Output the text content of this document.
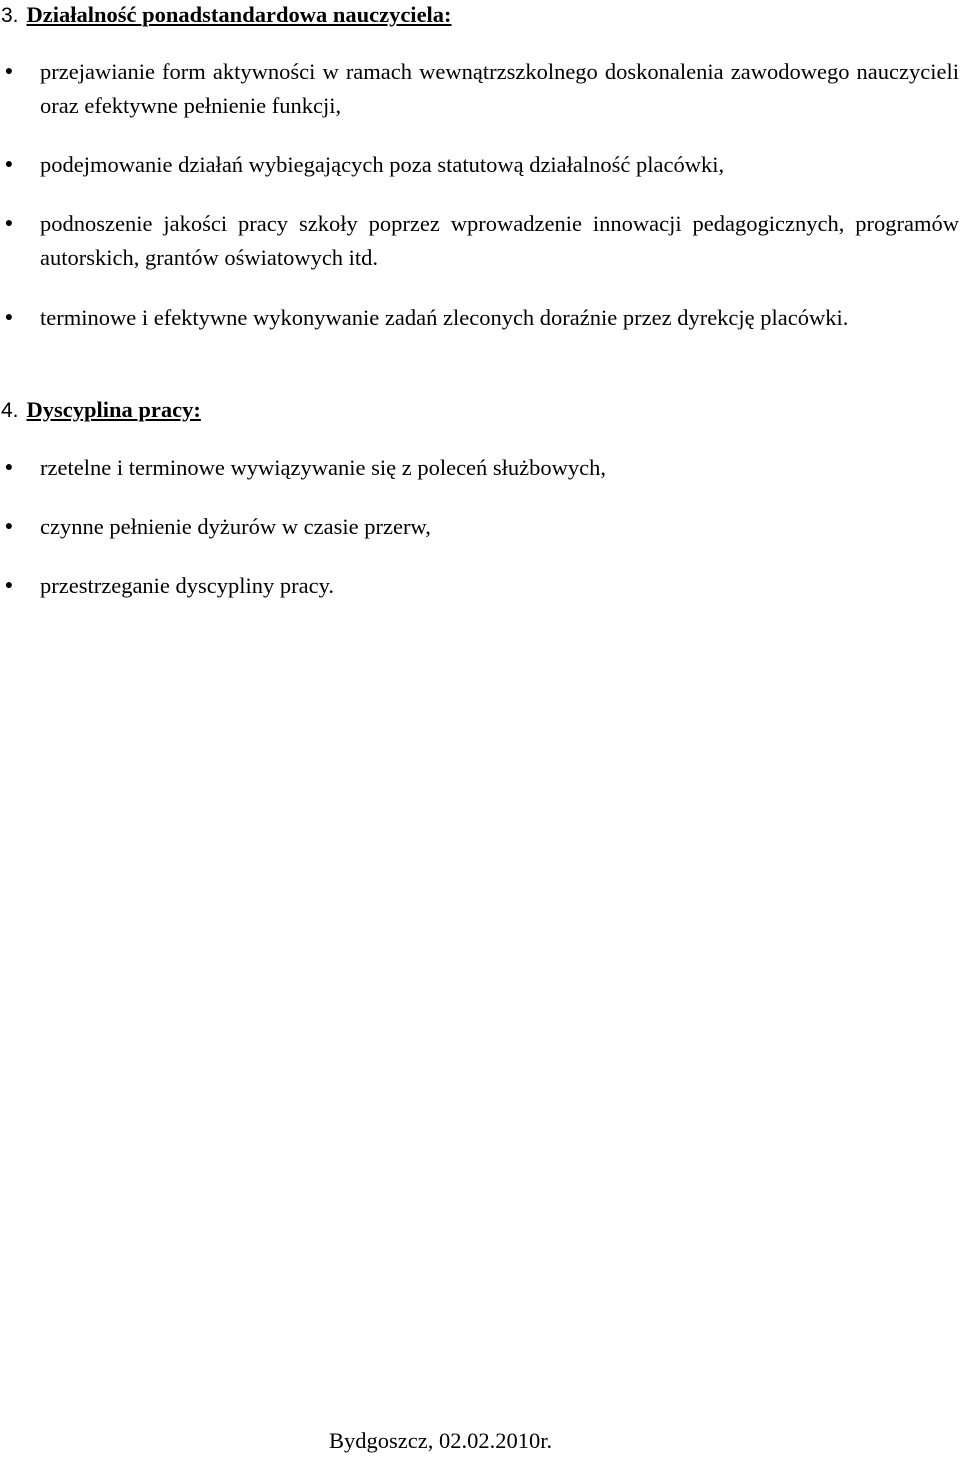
3. Działalność ponadstandardowa nauczyciela:
● przejawianie form aktywności w ramach wewnątrzszkolnego doskonalenia zawodowego nauczycieli oraz efektywne pełnienie funkcji,
● podejmowanie działań wybiegających poza statutową działalność placówki,
● podnoszenie jakości pracy szkoły poprzez wprowadzenie innowacji pedagogicznych, programów autorskich, grantów oświatowych itd.
● terminowe i efektywne wykonywanie zadań zleconych doraźnie przez dyrekcję placówki.
4. Dyscyplina pracy:
● rzetelne i terminowe wywiązywanie się z poleceń służbowych,
● czynne pełnienie dyżurów w czasie przerw,
● przestrzeganie dyscypliny pracy.
Bydgoszcz, 02.02.2010r.
